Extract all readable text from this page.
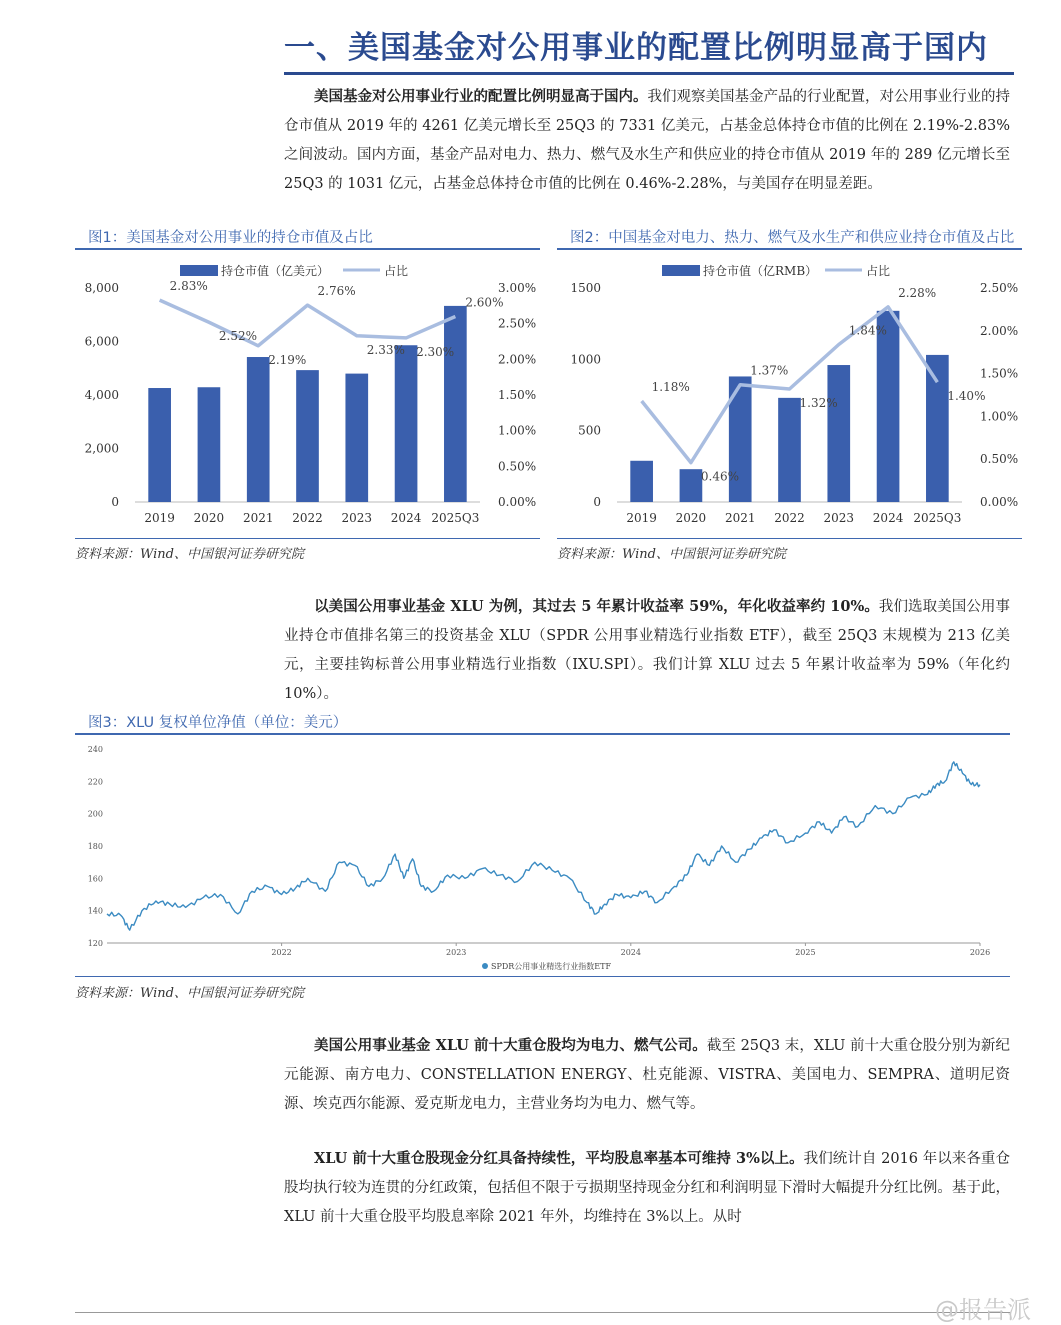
一、美国基金对公用事业的配置比例明显高于国内

美国基金对公用事业行业的配置比例明显高于国内。我们观察美国基金产品的行业配置，对公用事业行业的持仓市值从 2019 年的 4261 亿美元增长至 25Q3 的 7331 亿美元，占基金总体持仓市值的比例在 2.19%-2.83%之间波动。国内方面，基金产品对电力、热力、燃气及水生产和供应业的持仓市值从 2019 年的 289 亿元增长至 25Q3 的 1031 亿元，占基金总体持仓市值的比例在 0.46%-2.28%，与美国存在明显差距。

图1：美国基金对公用事业的持仓市值及占比

持仓市值（亿美元）	占比
0
2,000
4,000
6,000
8,000
0.00%
0.50%
1.00%
1.50%
2.00%
2.50%
3.00%
2019 2020 2021 2022 2023 2024 2025Q3
2.83%
2.52%
2.19%
2.76%
2.33% 2.30%
2.60%
资料来源：Wind、中国银河证券研究院

图2：中国基金对电力、热力、燃气及水生产和供应业持仓市值及占比

持仓市值（亿RMB）	占比
0
500
1000
1500
0.00%
0.50%
1.00%
1.50%
2.00%
2.50%
2019 2020 2021 2022 2023 2024 2025Q3
1.18%
0.46%
1.37%
1.32%
1.84%
2.28%
1.40%
资料来源：Wind、中国银河证券研究院

以美国公用事业基金 XLU 为例，其过去 5 年累计收益率 59%，年化收益率约 10%。我们选取美国公用事业持仓市值排名第三的投资基金 XLU（SPDR 公用事业精选行业指数 ETF），截至 25Q3 末规模为 213 亿美元，主要挂钩标普公用事业精选行业指数（IXU.SPI）。我们计算 XLU 过去 5 年累计收益率为 59%（年化约 10%）。

图3：XLU 复权单位净值（单位：美元）

120
140
160
180
200
220
240
2022	2023	2024	2025	2026
SPDR公用事业精选行业指数ETF
资料来源：Wind、中国银河证券研究院

美国公用事业基金 XLU 前十大重仓股均为电力、燃气公司。截至 25Q3 末，XLU 前十大重仓股分别为新纪元能源、南方电力、CONSTELLATION ENERGY、杜克能源、VISTRA、美国电力、SEMPRA、道明尼资源、埃克西尔能源、爱克斯龙电力，主营业务均为电力、燃气等。

XLU 前十大重仓股现金分红具备持续性，平均股息率基本可维持 3%以上。我们统计自 2016 年以来各重仓股均执行较为连贯的分红政策，包括但不限于亏损期坚持现金分红和利润明显下滑时大幅提升分红比例。基于此，XLU 前十大重仓股平均股息率除 2021 年外，均维持在 3%以上。从时

@报告派
